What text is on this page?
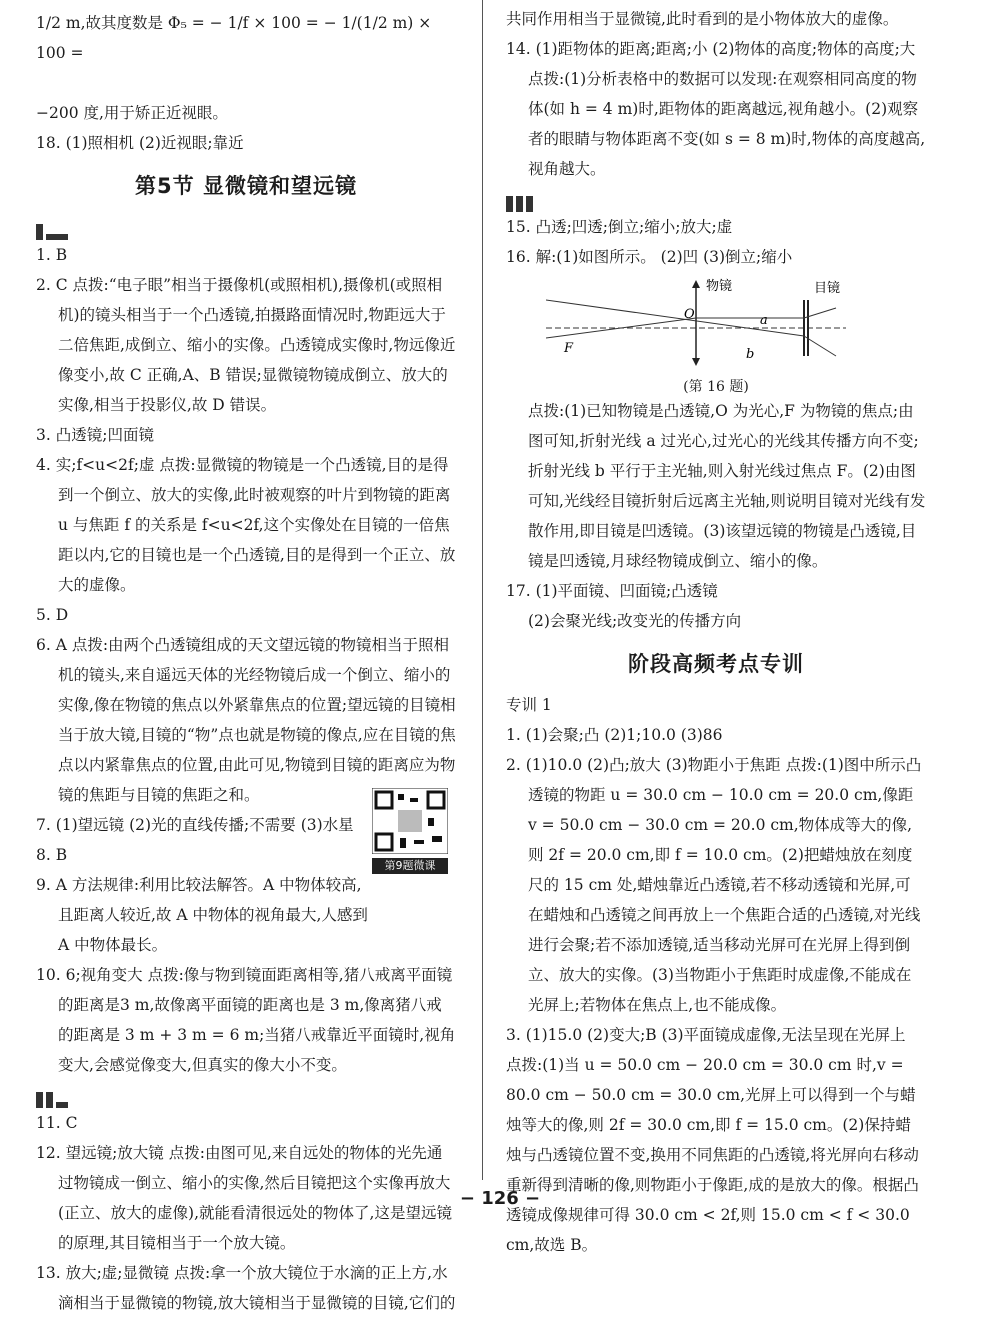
1/2 m,故其度数是 Φ₅ = − 1/f × 100 = − 1/(1/2 m) × 100 =

−200 度,用于矫正近视眼。

18. (1)照相机 (2)近视眼;靠近

第5节 显微镜和望远镜

1. B

2. C 点拨:“电子眼”相当于摄像机(或照相机),摄像机(或照相机)的镜头相当于一个凸透镜,拍摄路面情况时,物距远大于二倍焦距,成倒立、缩小的实像。凸透镜成实像时,物远像近像变小,故 C 正确,A、B 错误;显微镜物镜成倒立、放大的实像,相当于投影仪,故 D 错误。

3. 凸透镜;凹面镜

4. 实;f<u<2f;虚 点拨:显微镜的物镜是一个凸透镜,目的是得到一个倒立、放大的实像,此时被观察的叶片到物镜的距离 u 与焦距 f 的关系是 f<u<2f,这个实像处在目镜的一倍焦距以内,它的目镜也是一个凸透镜,目的是得到一个正立、放大的虚像。

5. D

6. A 点拨:由两个凸透镜组成的天文望远镜的物镜相当于照相机的镜头,来自遥远天体的光经物镜后成一个倒立、缩小的实像,像在物镜的焦点以外紧靠焦点的位置;望远镜的目镜相当于放大镜,目镜的“物”点也就是物镜的像点,应在目镜的焦点以内紧靠焦点的位置,由此可见,物镜到目镜的距离应为物镜的焦距与目镜的焦距之和。

7. (1)望远镜 (2)光的直线传播;不需要 (3)水星

8. B

9. A 方法规律:利用比较法解答。A 中物体较高,且距离人较近,故 A 中物体的视角最大,人感到 A 中物体最长。

10. 6;视角变大 点拨:像与物到镜面距离相等,猪八戒离平面镜的距离是3 m,故像离平面镜的距离也是 3 m,像离猪八戒的距离是 3 m + 3 m = 6 m;当猪八戒靠近平面镜时,视角变大,会感觉像变大,但真实的像大小不变。

11. C

12. 望远镜;放大镜 点拨:由图可见,来自远处的物体的光先通过物镜成一倒立、缩小的实像,然后目镜把这个实像再放大(正立、放大的虚像),就能看清很远处的物体了,这是望远镜的原理,其目镜相当于一个放大镜。

13. 放大;虚;显微镜 点拨:拿一个放大镜位于水滴的正上方,水滴相当于显微镜的物镜,放大镜相当于显微镜的目镜,它们的

第9题微课

共同作用相当于显微镜,此时看到的是小物体放大的虚像。

14. (1)距物体的距离;距离;小 (2)物体的高度;物体的高度;大 点拨:(1)分析表格中的数据可以发现:在观察相同高度的物体(如 h = 4 m)时,距物体的距离越远,视角越小。(2)观察者的眼睛与物体距离不变(如 s = 8 m)时,物体的高度越高,视角越大。

15. 凸透;凹透;倒立;缩小;放大;虚

16. 解:(1)如图所示。 (2)凹 (3)倒立;缩小

物镜	目镜
O
F
a
b
(第 16 题)

点拨:(1)已知物镜是凸透镜,O 为光心,F 为物镜的焦点;由图可知,折射光线 a 过光心,过光心的光线其传播方向不变;折射光线 b 平行于主光轴,则入射光线过焦点 F。(2)由图可知,光线经目镜折射后远离主光轴,则说明目镜对光线有发散作用,即目镜是凹透镜。(3)该望远镜的物镜是凸透镜,目镜是凹透镜,月球经物镜成倒立、缩小的像。

17. (1)平面镜、凹面镜;凸透镜

(2)会聚光线;改变光的传播方向

阶段高频考点专训

专训 1

1. (1)会聚;凸 (2)1;10.0 (3)86

2. (1)10.0 (2)凸;放大 (3)物距小于焦距 点拨:(1)图中所示凸透镜的物距 u = 30.0 cm − 10.0 cm = 20.0 cm,像距 v = 50.0 cm − 30.0 cm = 20.0 cm,物体成等大的像,则 2f = 20.0 cm,即 f = 10.0 cm。(2)把蜡烛放在刻度尺的 15 cm 处,蜡烛靠近凸透镜,若不移动透镜和光屏,可在蜡烛和凸透镜之间再放上一个焦距合适的凸透镜,对光线进行会聚;若不添加透镜,适当移动光屏可在光屏上得到倒立、放大的实像。(3)当物距小于焦距时成虚像,不能成在光屏上;若物体在焦点上,也不能成像。

3. (1)15.0 (2)变大;B (3)平面镜成虚像,无法呈现在光屏上

点拨:(1)当 u = 50.0 cm − 20.0 cm = 30.0 cm 时,v = 80.0 cm − 50.0 cm = 30.0 cm,光屏上可以得到一个与蜡烛等大的像,则 2f = 30.0 cm,即 f = 15.0 cm。(2)保持蜡烛与凸透镜位置不变,换用不同焦距的凸透镜,将光屏向右移动重新得到清晰的像,则物距小于像距,成的是放大的像。根据凸透镜成像规律可得 30.0 cm < 2f,则 15.0 cm < f < 30.0 cm,故选 B。

− 126 −
